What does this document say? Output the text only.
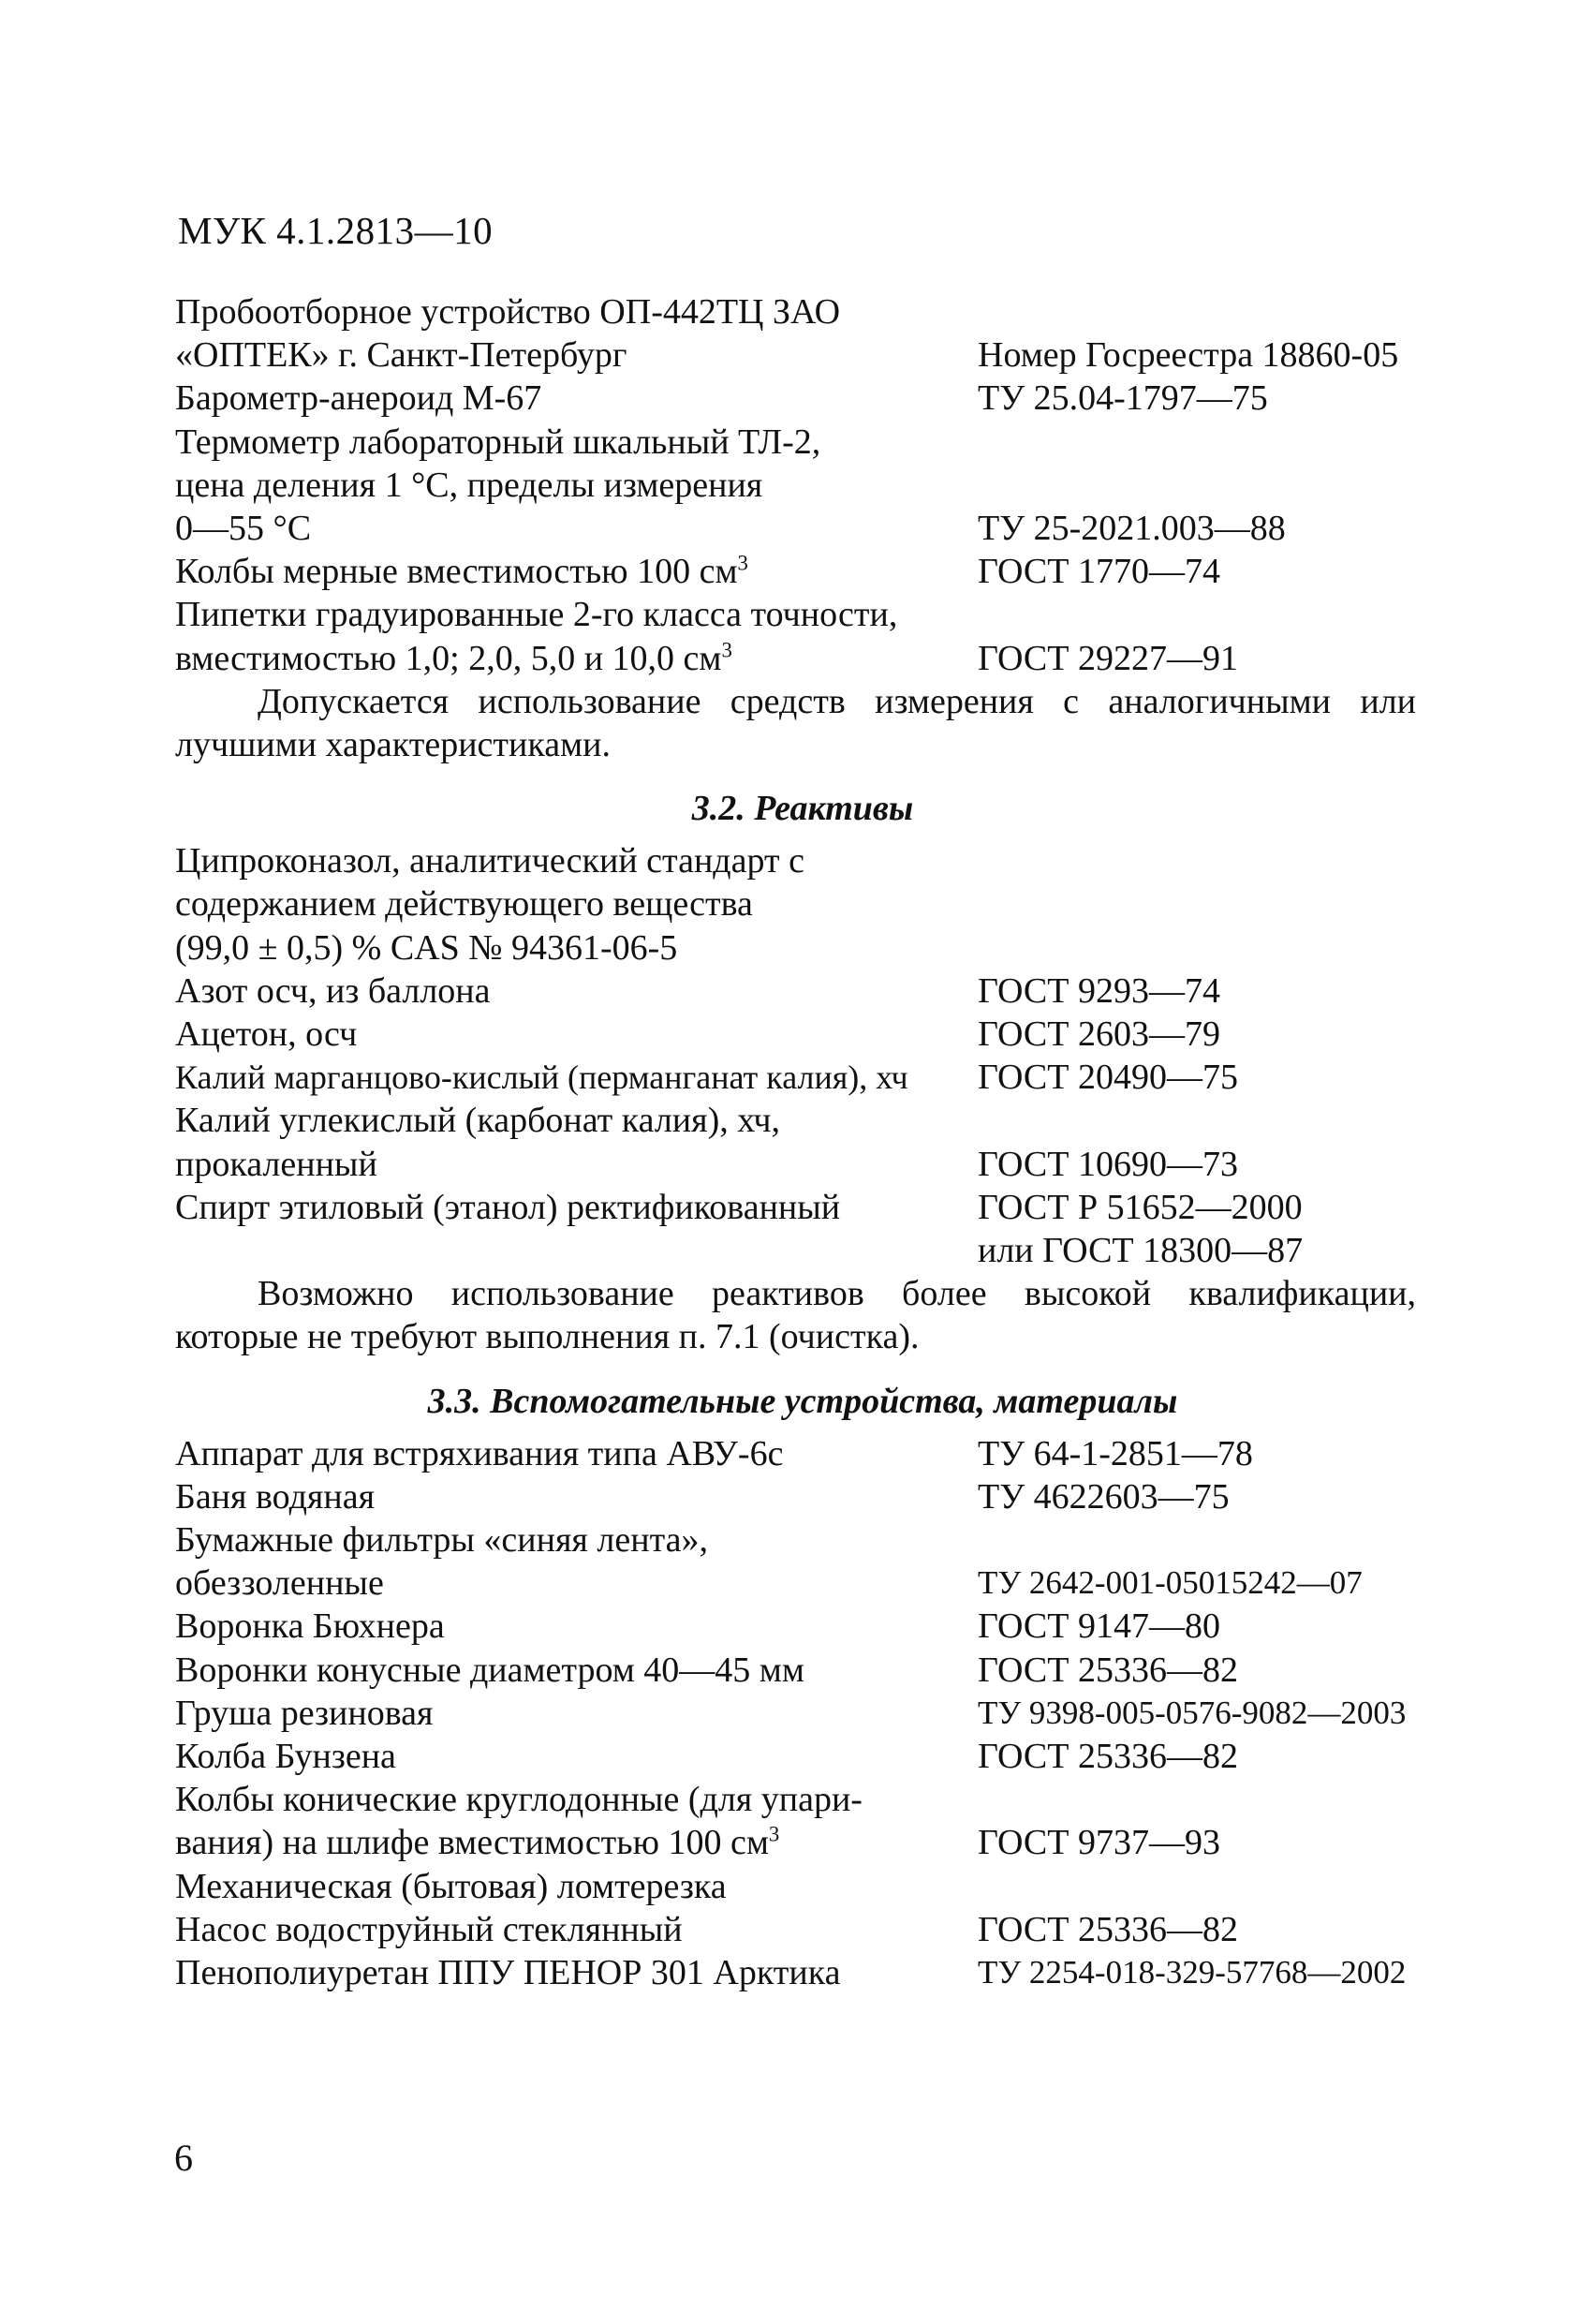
МУК 4.1.2813—10
Пробоотборное устройство ОП-442ТЦ ЗАО
«ОПТЕК» г. Санкт-Петербург	Номер Госреестра 18860-05
Барометр-анероид М-67	ТУ 25.04-1797—75
Термометр лабораторный шкальный ТЛ-2,
цена деления 1 °С, пределы измерения
0—55 °С	ТУ 25-2021.003—88
Колбы мерные вместимостью 100 $см^3$	ГОСТ 1770—74
Пипетки градуированные 2-го класса точности,
вместимостью 1,0; 2,0, 5,0 и 10,0 $см^3$	ГОСТ 29227—91
Допускается использование средств измерения с аналогичными или
лучшими характеристиками.
3.2. Реактивы
Ципроконазол, аналитический стандарт с
содержанием действующего вещества
(99,0 ± 0,5) % CAS № 94361-06-5
Азот осч, из баллона	ГОСТ 9293—74
Ацетон, осч	ГОСТ 2603—79
Калий марганцово-кислый (перманганат калия), хч ГОСТ 20490—75
Калий углекислый (карбонат калия), хч,
прокаленный	ГОСТ 10690—73
Спирт этиловый (этанол) ректификованный	ГОСТ Р 51652—2000
или ГОСТ 18300—87
Возможно использование реактивов более высокой квалификации,
которые не требуют выполнения п. 7.1 (очистка).
3.3. Вспомогательные устройства, материалы
Аппарат для встряхивания типа АВУ-6с	ТУ 64-1-2851—78
Баня водяная	ТУ 4622603—75
Бумажные фильтры «синяя лента»,
обеззоленные	ТУ 2642-001-05015242—07
Воронка Бюхнера	ГОСТ 9147—80
Воронки конусные диаметром 40—45 мм	ГОСТ 25336—82
Груша резиновая	ТУ 9398-005-0576-9082—2003
Колба Бунзена	ГОСТ 25336—82
Колбы конические круглодонные (для упари-
вания) на шлифе вместимостью 100 $см^3$	ГОСТ 9737—93
Механическая (бытовая) ломтерезка
Насос водоструйный стеклянный	ГОСТ 25336—82
Пенополиуретан ППУ ПЕНОР 301 Арктика	ТУ 2254-018-329-57768—2002
6
